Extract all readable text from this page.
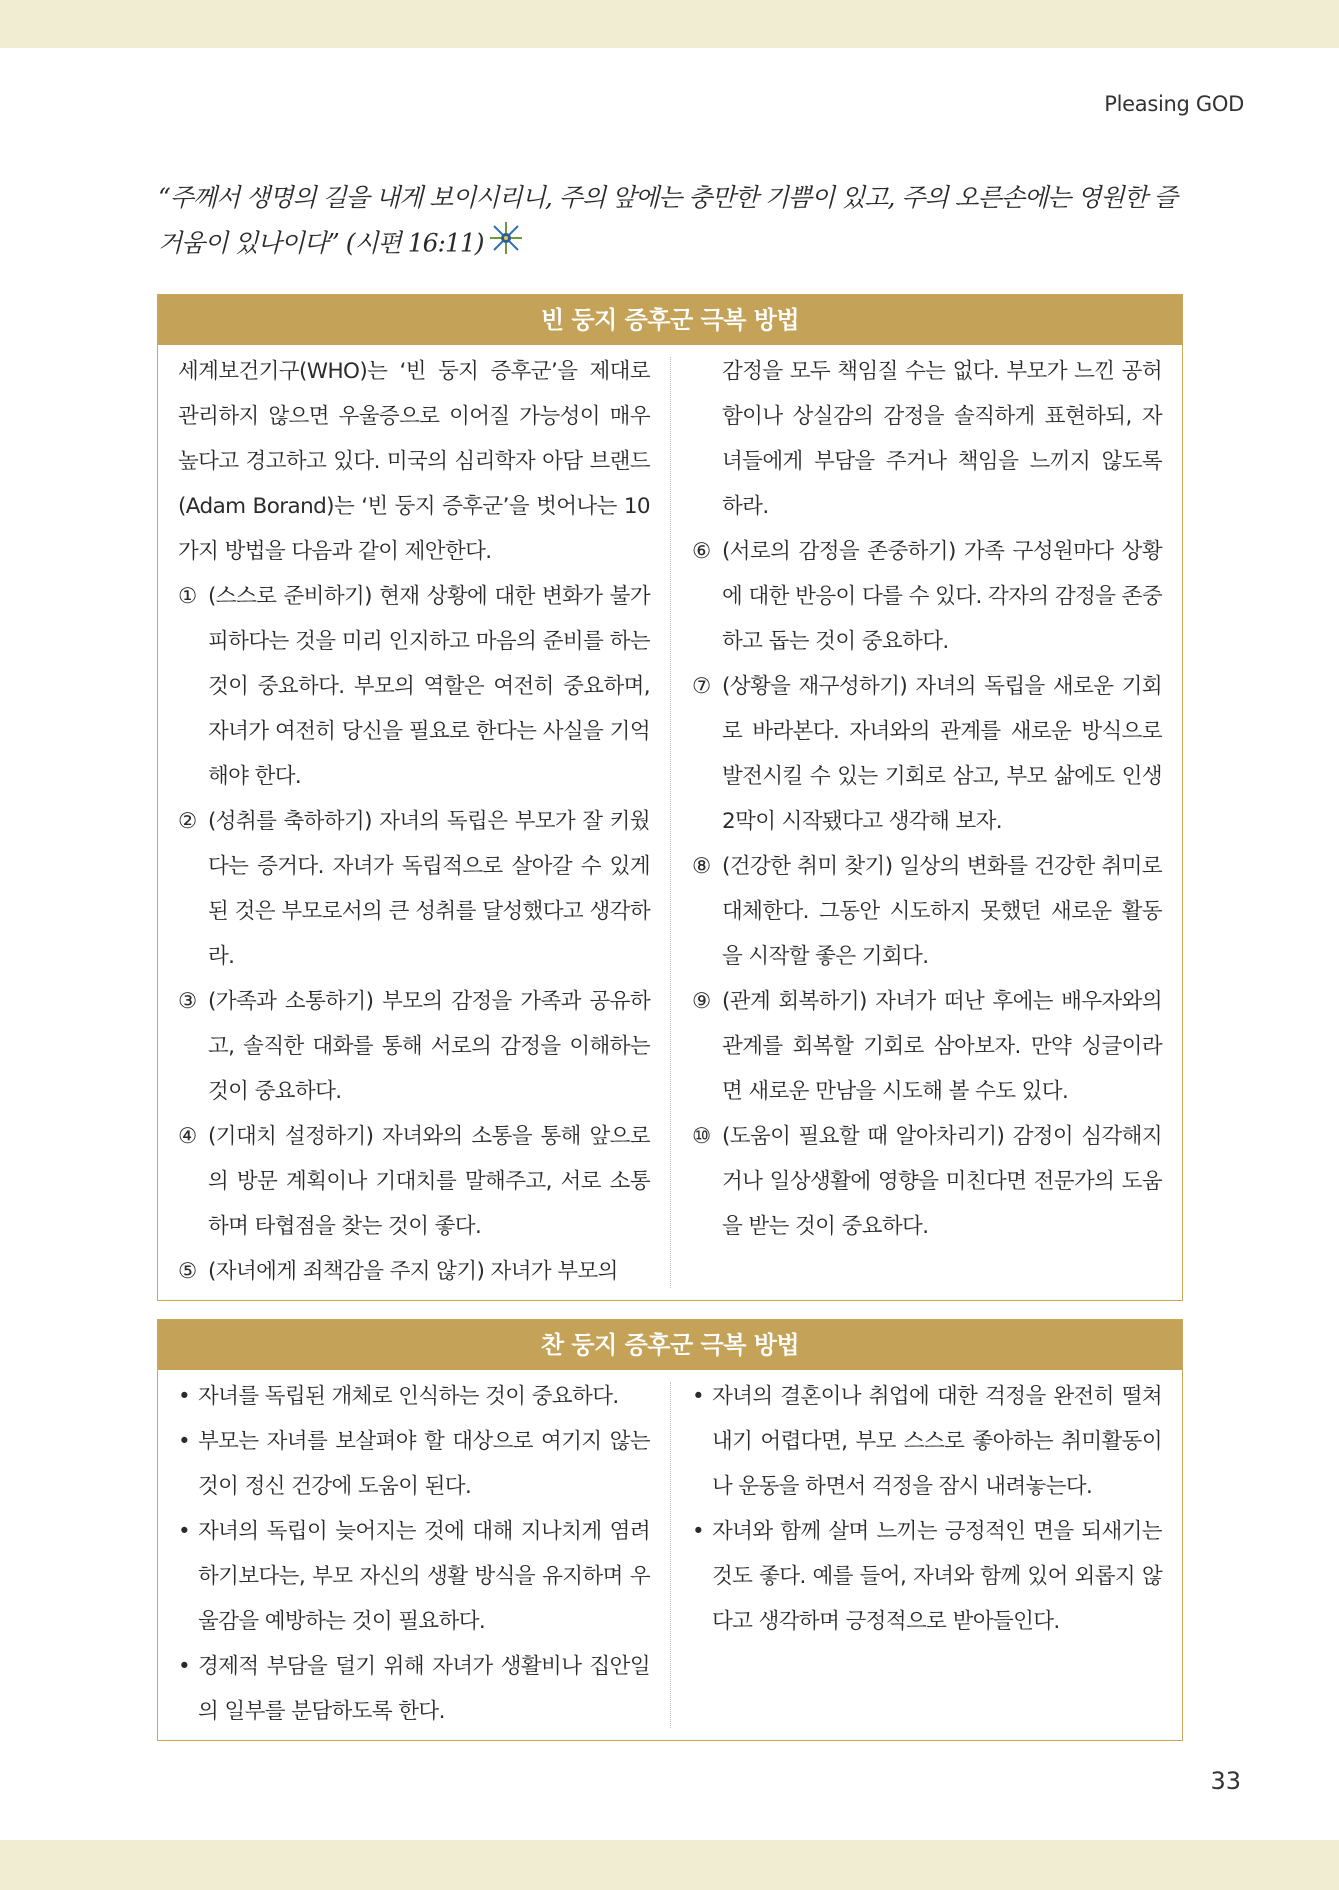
Pleasing GOD
“주께서 생명의 길을 내게 보이시리니, 주의 앞에는 충만한 기쁨이 있고, 주의 오른손에는 영원한 즐
거움이 있나이다” (시편 16:11)
빈 둥지 증후군 극복 방법

세계보건기구(WHO)는 ‘빈 둥지 증후군’을 제대로 관리하지 않으면 우울증으로 이어질 가능성이 매우 높다고 경고하고 있다. 미국의 심리학자 아담 브랜드(Adam Borand)는 ‘빈 둥지 증후군’을 벗어나는 10가지 방법을 다음과 같이 제안한다.

① (스스로 준비하기) 현재 상황에 대한 변화가 불가피하다는 것을 미리 인지하고 마음의 준비를 하는 것이 중요하다. 부모의 역할은 여전히 중요하며, 자녀가 여전히 당신을 필요로 한다는 사실을 기억해야 한다.
② (성취를 축하하기) 자녀의 독립은 부모가 잘 키웠다는 증거다. 자녀가 독립적으로 살아갈 수 있게 된 것은 부모로서의 큰 성취를 달성했다고 생각하라.
③ (가족과 소통하기) 부모의 감정을 가족과 공유하고, 솔직한 대화를 통해 서로의 감정을 이해하는 것이 중요하다.
④ (기대치 설정하기) 자녀와의 소통을 통해 앞으로의 방문 계획이나 기대치를 말해주고, 서로 소통하며 타협점을 찾는 것이 좋다.
⑤ (자녀에게 죄책감을 주지 않기) 자녀가 부모의

감정을 모두 책임질 수는 없다. 부모가 느낀 공허함이나 상실감의 감정을 솔직하게 표현하되, 자녀들에게 부담을 주거나 책임을 느끼지 않도록 하라.

⑥ (서로의 감정을 존중하기) 가족 구성원마다 상황에 대한 반응이 다를 수 있다. 각자의 감정을 존중하고 돕는 것이 중요하다.
⑦ (상황을 재구성하기) 자녀의 독립을 새로운 기회로 바라본다. 자녀와의 관계를 새로운 방식으로 발전시킬 수 있는 기회로 삼고, 부모 삶에도 인생 2막이 시작됐다고 생각해 보자.
⑧ (건강한 취미 찾기) 일상의 변화를 건강한 취미로 대체한다. 그동안 시도하지 못했던 새로운 활동을 시작할 좋은 기회다.
⑨ (관계 회복하기) 자녀가 떠난 후에는 배우자와의 관계를 회복할 기회로 삼아보자. 만약 싱글이라면 새로운 만남을 시도해 볼 수도 있다.
⑩ (도움이 필요할 때 알아차리기) 감정이 심각해지거나 일상생활에 영향을 미친다면 전문가의 도움을 받는 것이 중요하다.
찬 둥지 증후군 극복 방법
• 자녀를 독립된 개체로 인식하는 것이 중요하다.
• 부모는 자녀를 보살펴야 할 대상으로 여기지 않는 것이 정신 건강에 도움이 된다.
• 자녀의 독립이 늦어지는 것에 대해 지나치게 염려하기보다는, 부모 자신의 생활 방식을 유지하며 우울감을 예방하는 것이 필요하다.
• 경제적 부담을 덜기 위해 자녀가 생활비나 집안일의 일부를 분담하도록 한다.
• 자녀의 결혼이나 취업에 대한 걱정을 완전히 떨쳐내기 어렵다면, 부모 스스로 좋아하는 취미활동이나 운동을 하면서 걱정을 잠시 내려놓는다.
• 자녀와 함께 살며 느끼는 긍정적인 면을 되새기는 것도 좋다. 예를 들어, 자녀와 함께 있어 외롭지 않다고 생각하며 긍정적으로 받아들인다.
33
